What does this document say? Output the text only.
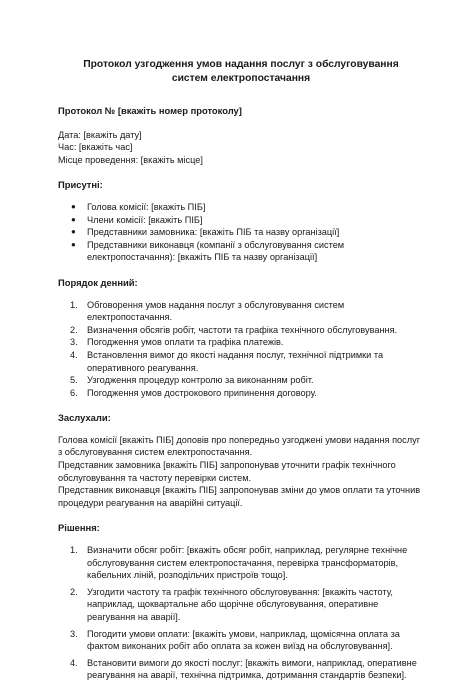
Протокол узгодження умов надання послуг з обслуговування систем електропостачання
Протокол № [вкажіть номер протоколу]
Дата: [вкажіть дату]
Час: [вкажіть час]
Місце проведення: [вкажіть місце]
Присутні:
● Голова комісії: [вкажіть ПІБ]
● Члени комісії: [вкажіть ПІБ]
● Представники замовника: [вкажіть ПІБ та назву організації]
● Представники виконавця (компанії з обслуговування систем електропостачання): [вкажіть ПІБ та назву організації]
Порядок денний:
1. Обговорення умов надання послуг з обслуговування систем електропостачання.
2. Визначення обсягів робіт, частоти та графіка технічного обслуговування.
3. Погодження умов оплати та графіка платежів.
4. Встановлення вимог до якості надання послуг, технічної підтримки та оперативного реагування.
5. Узгодження процедур контролю за виконанням робіт.
6. Погодження умов дострокового припинення договору.
Заслухали:
Голова комісії [вкажіть ПІБ] доповів про попередньо узгоджені умови надання послуг з обслуговування систем електропостачання.
Представник замовника [вкажіть ПІБ] запропонував уточнити графік технічного обслуговування та частоту перевірки систем.
Представник виконавця [вкажіть ПІБ] запропонував зміни до умов оплати та уточнив процедури реагування на аварійні ситуації.
Рішення:
1. Визначити обсяг робіт: [вкажіть обсяг робіт, наприклад, регулярне технічне обслуговування систем електропостачання, перевірка трансформаторів, кабельних ліній, розподільчих пристроїв тощо].
2. Узгодити частоту та графік технічного обслуговування: [вкажіть частоту, наприклад, щоквартальне або щорічне обслуговування, оперативне реагування на аварії].
3. Погодити умови оплати: [вкажіть умови, наприклад, щомісячна оплата за фактом виконаних робіт або оплата за кожен виїзд на обслуговування].
4. Встановити вимоги до якості послуг: [вкажіть вимоги, наприклад, оперативне реагування на аварії, технічна підтримка, дотримання стандартів безпеки].
